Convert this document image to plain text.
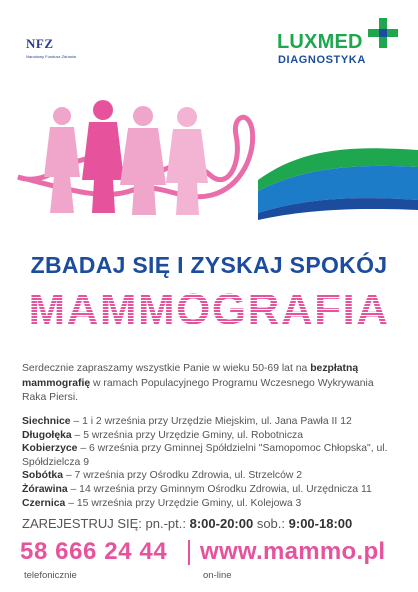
NFZ
Narodowy Fundusz Zdrowia
LUXMED
DIAGNOSTYKA
ZBADAJ SIĘ I ZYSKAJ SPOKÓJ
MAMMOGRAFIA
Serdecznie zapraszamy wszystkie Panie w wieku 50-69 lat na bezpłatną mammografię w ramach Populacyjnego Programu Wczesnego Wykrywania Raka Piersi.
Siechnice – 1 i 2 września przy Urzędzie Miejskim, ul. Jana Pawła II 12
Długołęka – 5 września przy Urzędzie Gminy, ul. Robotnicza
Kobierzyce – 6 września przy Gminnej Spółdzielni "Samopomoc Chłopska", ul. Spółdzielcza 9
Sobótka – 7 września przy Ośrodku Zdrowia, ul. Strzelców 2
Żórawina – 14 września przy Gminnym Ośrodku Zdrowia, ul. Urzędnicza 11
Czernica – 15 września przy Urzędzie Gminy, ul. Kolejowa 3
ZAREJESTRUJ SIĘ: pn.-pt.: 8:00-20:00 sob.: 9:00-18:00
58 666 24 44 www.mammo.pl
telefonicznie	on-line
